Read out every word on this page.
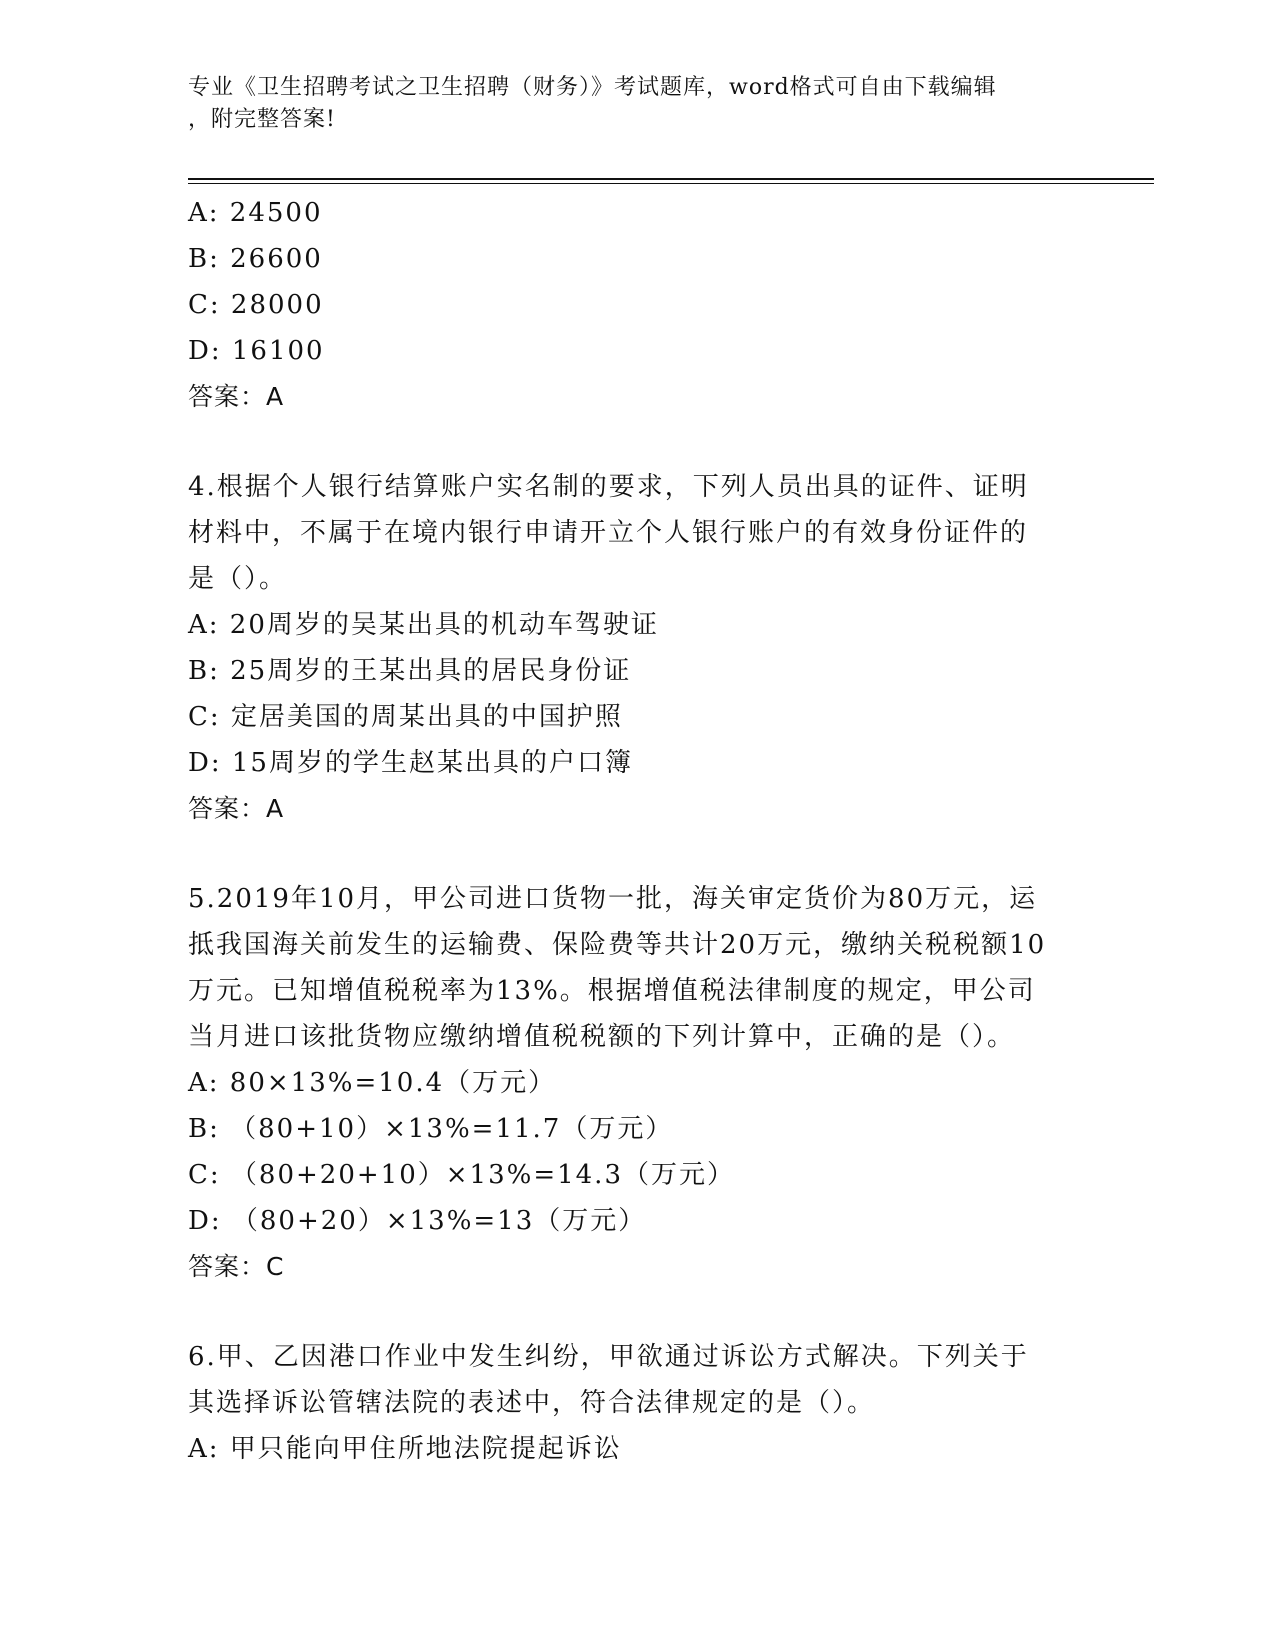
专业《卫生招聘考试之卫生招聘（财务）》考试题库，word格式可自由下载编辑
，附完整答案!
A: 24500
B: 26600
C: 28000
D: 16100
答案：A
4.根据个人银行结算账户实名制的要求，下列人员出具的证件、证明
材料中，不属于在境内银行申请开立个人银行账户的有效身份证件的
是（）。
A: 20周岁的吴某出具的机动车驾驶证
B: 25周岁的王某出具的居民身份证
C: 定居美国的周某出具的中国护照
D: 15周岁的学生赵某出具的户口簿
答案：A
5.2019年10月，甲公司进口货物一批，海关审定货价为80万元，运
抵我国海关前发生的运输费、保险费等共计20万元，缴纳关税税额10
万元。已知增值税税率为13%。根据增值税法律制度的规定，甲公司
当月进口该批货物应缴纳增值税税额的下列计算中，正确的是（）。
A: 80×13%=10.4（万元）
B: （80+10）×13%=11.7（万元）
C: （80+20+10）×13%=14.3（万元）
D: （80+20）×13%=13（万元）
答案：C
6.甲、乙因港口作业中发生纠纷，甲欲通过诉讼方式解决。下列关于
其选择诉讼管辖法院的表述中，符合法律规定的是（）。
A: 甲只能向甲住所地法院提起诉讼
